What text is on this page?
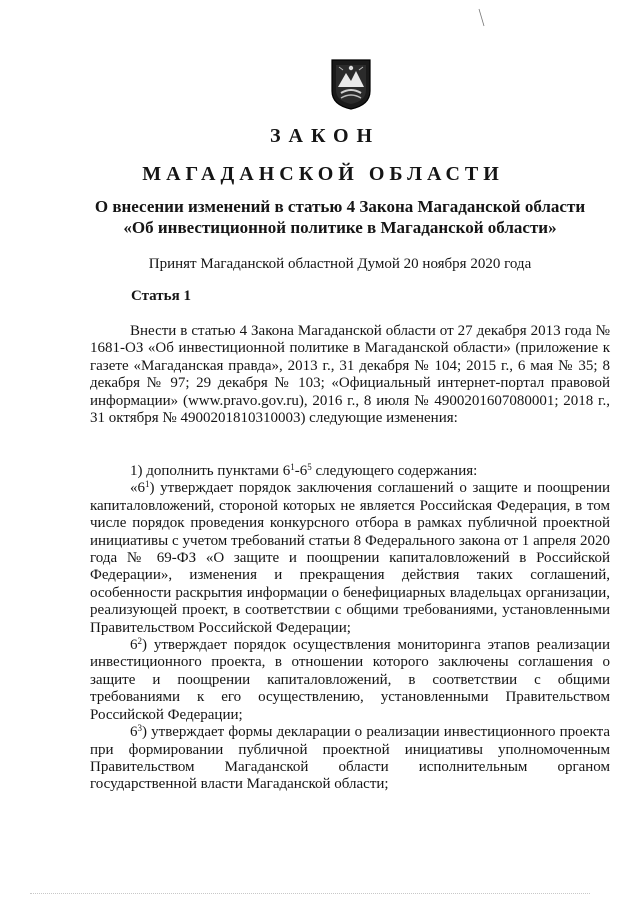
ЗАКОН
МАГАДАНСКОЙ ОБЛАСТИ
О внесении изменений в статью 4 Закона Магаданской области
«Об инвестиционной политике в Магаданской области»
Принят Магаданской областной Думой 20 ноября 2020 года
Статья 1

Внести в статью 4 Закона Магаданской области от 27 декабря 2013 года № 1681-ОЗ «Об инвестиционной политике в Магаданской области» (приложение к газете «Магаданская правда», 2013 г., 31 декабря № 104; 2015 г., 6 мая № 35; 8 декабря № 97; 29 декабря № 103; «Официальный интернет-портал правовой информации» (www.pravo.gov.ru), 2016 г., 8 июля № 4900201607080001; 2018 г., 31 октября № 4900201810310003) следующие изменения:

1) дополнить пунктами $6^1-6^5$ следующего содержания:

«$6^1$) утверждает порядок заключения соглашений о защите и поощрении капиталовложений, стороной которых не является Российская Федерация, в том числе порядок проведения конкурсного отбора в рамках публичной проектной инициативы с учетом требований статьи 8 Федерального закона от 1 апреля 2020 года № 69-ФЗ «О защите и поощрении капиталовложений в Российской Федерации», изменения и прекращения действия таких соглашений, особенности раскрытия информации о бенефициарных владельцах организации, реализующей проект, в соответствии с общими требованиями, установленными Правительством Российской Федерации;

$6^2$) утверждает порядок осуществления мониторинга этапов реализации инвестиционного проекта, в отношении которого заключены соглашения о защите и поощрении капиталовложений, в соответствии с общими требованиями к его осуществлению, установленными Правительством Российской Федерации;

$6^3$) утверждает формы декларации о реализации инвестиционного проекта при формировании публичной проектной инициативы уполномоченным Правительством Магаданской области исполнительным органом государственной власти Магаданской области;
